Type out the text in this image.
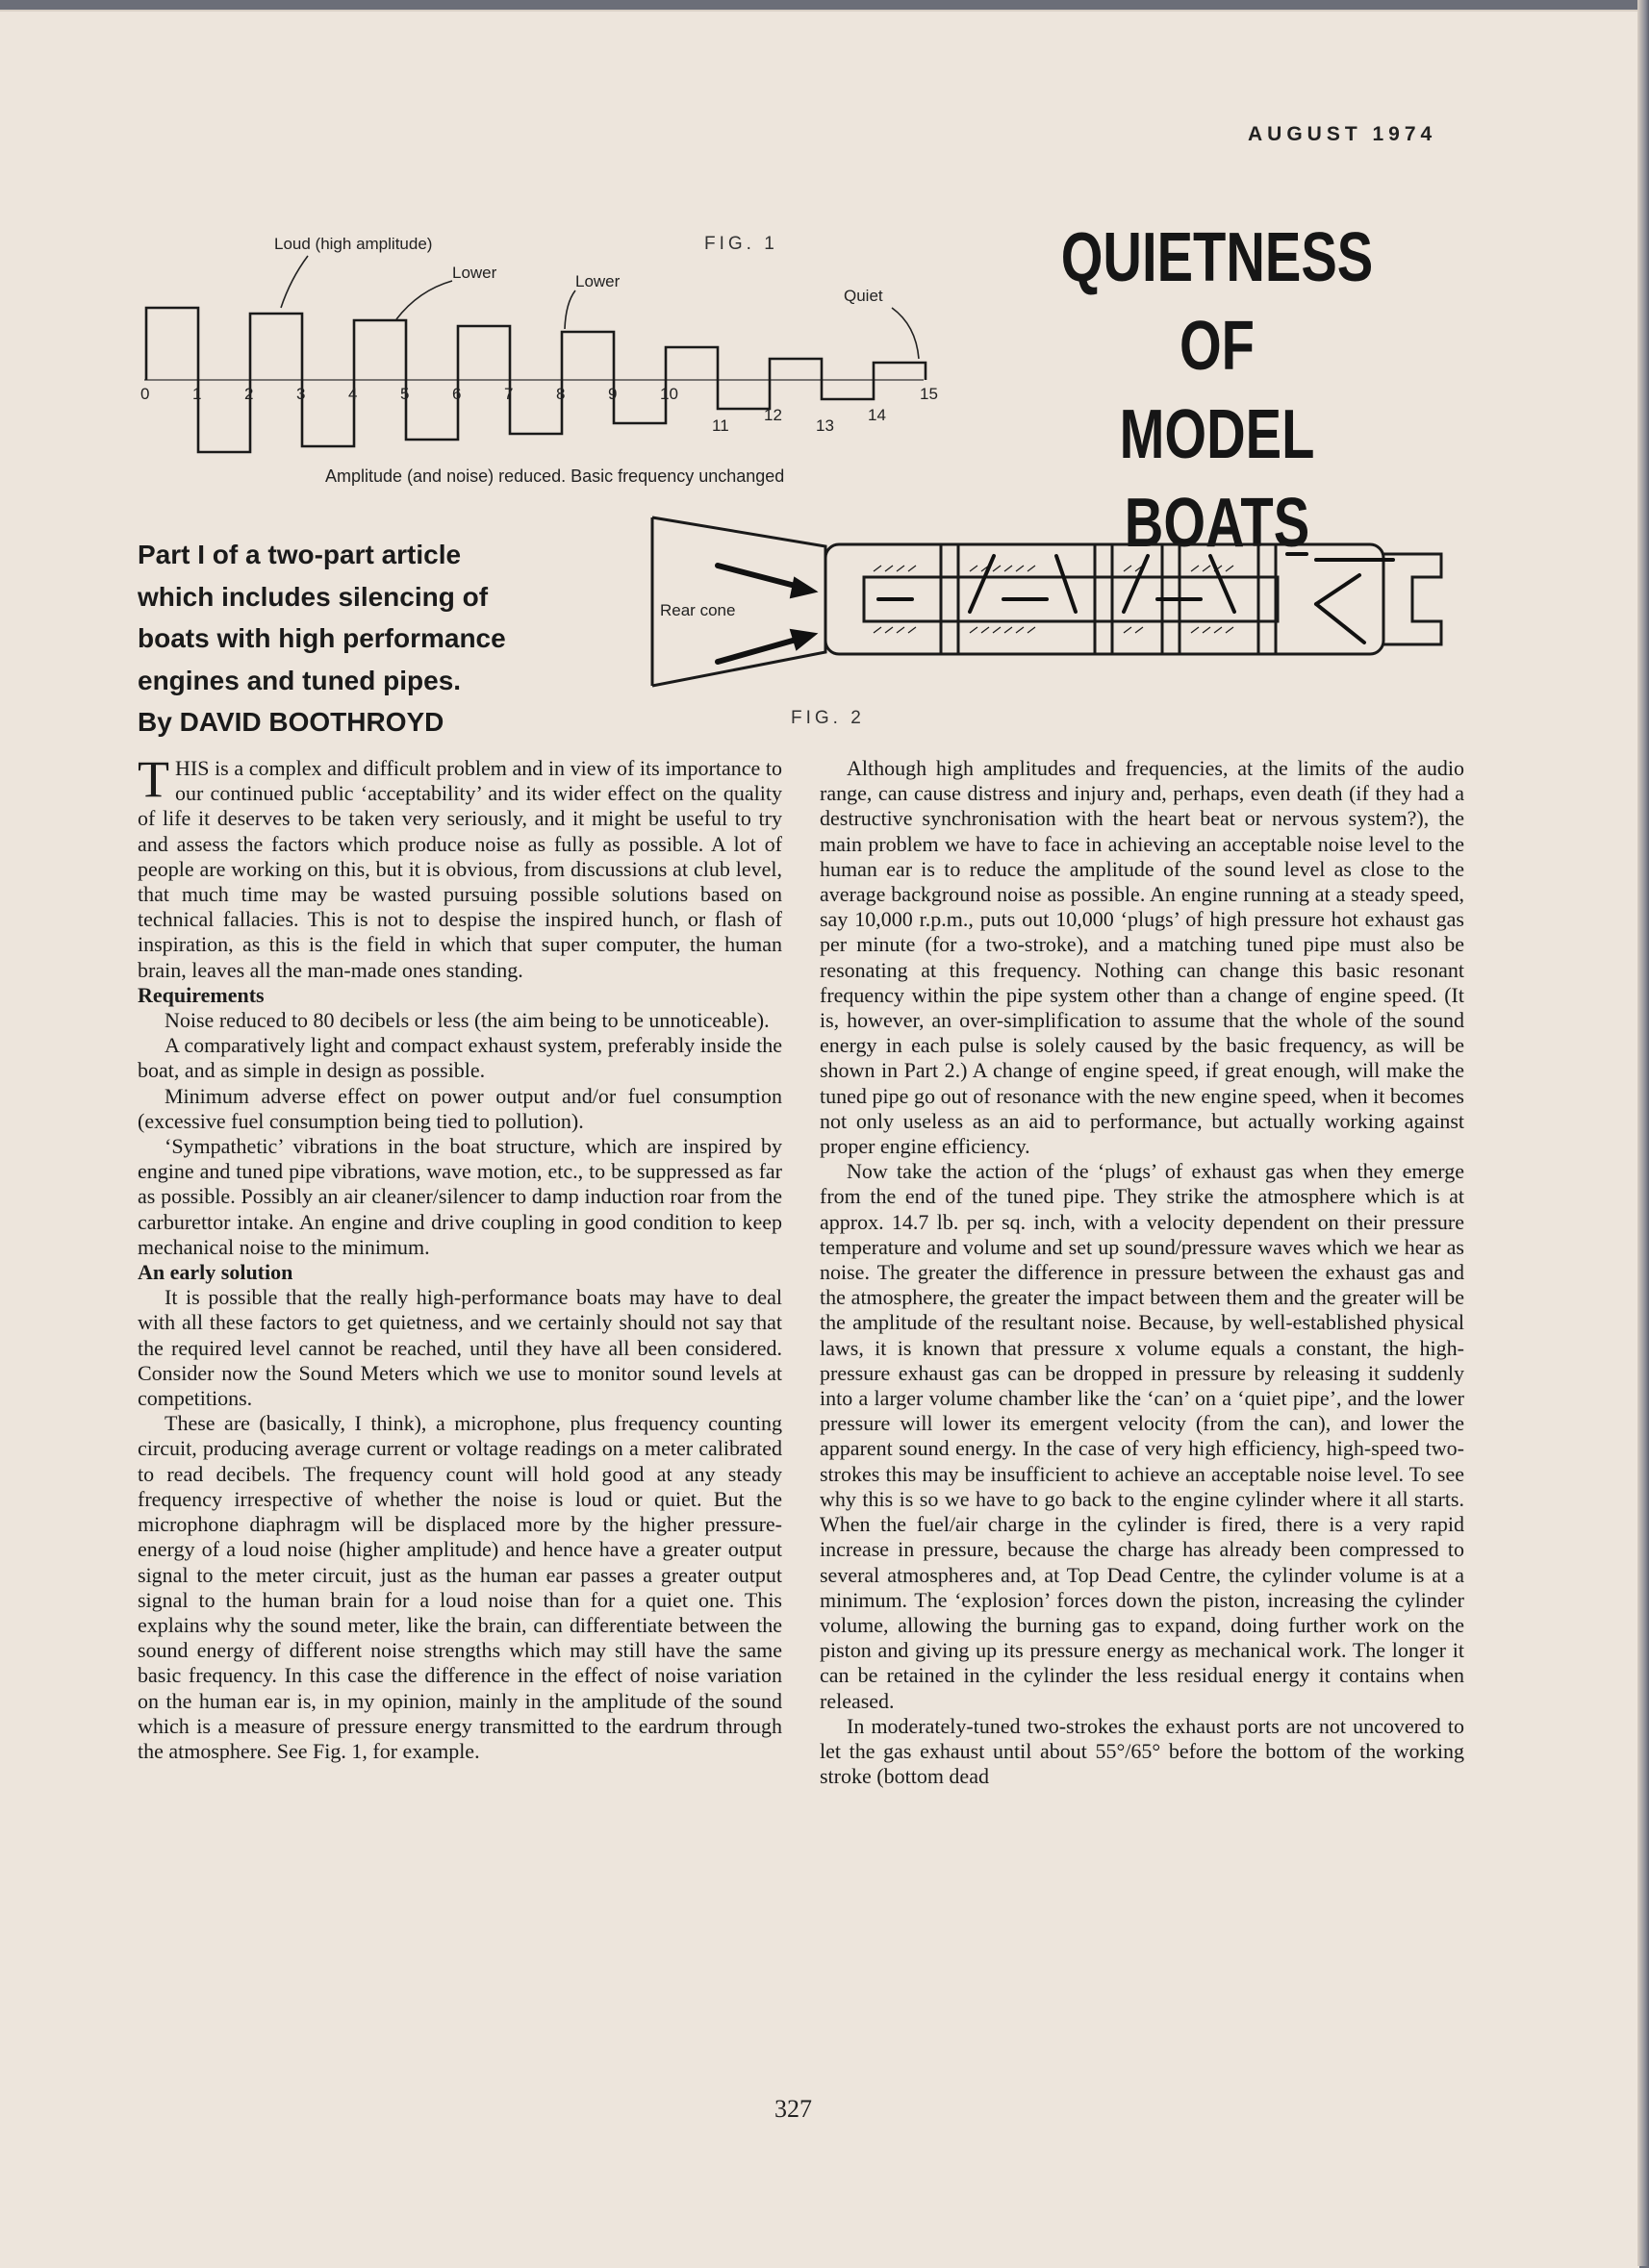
AUGUST 1974
QUIETNESS
OF
MODEL BOATS
FIG. 1
Loud (high amplitude)
Lower	Lower
Quiet
0	1	2	3	4	5	6	7	8	9	10
11
12
13
14
15
Amplitude (and noise) reduced. Basic frequency unchanged
Part I of a two-part article
which includes silencing of
boats with high performance
engines and tuned pipes.
By DAVID BOOTHROYD
Rear cone
FIG. 2

THIS is a complex and difficult problem and in view of its importance to our continued public ‘acceptability’ and its wider effect on the quality of life it deserves to be taken very seriously, and it might be useful to try and assess the factors which produce noise as fully as possible. A lot of people are working on this, but it is obvious, from discussions at club level, that much time may be wasted pursuing possible solutions based on technical fallacies. This is not to despise the inspired hunch, or flash of inspiration, as this is the field in which that super computer, the human brain, leaves all the man-made ones standing.

Requirements

Noise reduced to 80 decibels or less (the aim being to be unnoticeable).

A comparatively light and compact exhaust system, preferably inside the boat, and as simple in design as possible.

Minimum adverse effect on power output and/or fuel consumption (excessive fuel consumption being tied to pollution).

‘Sympathetic’ vibrations in the boat structure, which are inspired by engine and tuned pipe vibrations, wave motion, etc., to be suppressed as far as possible. Possibly an air cleaner/silencer to damp induction roar from the carburettor intake. An engine and drive coupling in good condition to keep mechanical noise to the minimum.

An early solution

It is possible that the really high-performance boats may have to deal with all these factors to get quietness, and we certainly should not say that the required level cannot be reached, until they have all been considered. Consider now the Sound Meters which we use to monitor sound levels at competitions.

These are (basically, I think), a microphone, plus frequency counting circuit, producing average current or voltage readings on a meter calibrated to read decibels. The frequency count will hold good at any steady frequency irrespective of whether the noise is loud or quiet. But the microphone diaphragm will be displaced more by the higher pressure-energy of a loud noise (higher amplitude) and hence have a greater output signal to the meter circuit, just as the human ear passes a greater output signal to the human brain for a loud noise than for a quiet one. This explains why the sound meter, like the brain, can differentiate between the sound energy of different noise strengths which may still have the same basic frequency. In this case the difference in the effect of noise variation on the human ear is, in my opinion, mainly in the amplitude of the sound which is a measure of pressure energy transmitted to the eardrum through the atmosphere. See Fig. 1, for example.

Although high amplitudes and frequencies, at the limits of the audio range, can cause distress and injury and, perhaps, even death (if they had a destructive synchronisation with the heart beat or nervous system?), the main problem we have to face in achieving an acceptable noise level to the human ear is to reduce the amplitude of the sound level as close to the average background noise as possible. An engine running at a steady speed, say 10,000 r.p.m., puts out 10,000 ‘plugs’ of high pressure hot exhaust gas per minute (for a two-stroke), and a matching tuned pipe must also be resonating at this frequency. Nothing can change this basic resonant frequency within the pipe system other than a change of engine speed. (It is, however, an over-simplification to assume that the whole of the sound energy in each pulse is solely caused by the basic frequency, as will be shown in Part 2.) A change of engine speed, if great enough, will make the tuned pipe go out of resonance with the new engine speed, when it becomes not only useless as an aid to performance, but actually working against proper engine efficiency.

Now take the action of the ‘plugs’ of exhaust gas when they emerge from the end of the tuned pipe. They strike the atmosphere which is at approx. 14.7 lb. per sq. inch, with a velocity dependent on their pressure temperature and volume and set up sound/pressure waves which we hear as noise. The greater the difference in pressure between the exhaust gas and the atmosphere, the greater the impact between them and the greater will be the amplitude of the resultant noise. Because, by well-established physical laws, it is known that pressure x volume equals a constant, the high-pressure exhaust gas can be dropped in pressure by releasing it suddenly into a larger volume chamber like the ‘can’ on a ‘quiet pipe’, and the lower pressure will lower its emergent velocity (from the can), and lower the apparent sound energy. In the case of very high efficiency, high-speed two-strokes this may be insufficient to achieve an acceptable noise level. To see why this is so we have to go back to the engine cylinder where it all starts. When the fuel/air charge in the cylinder is fired, there is a very rapid increase in pressure, because the charge has already been compressed to several atmospheres and, at Top Dead Centre, the cylinder volume is at a minimum. The ‘explosion’ forces down the piston, increasing the cylinder volume, allowing the burning gas to expand, doing further work on the piston and giving up its pressure energy as mechanical work. The longer it can be retained in the cylinder the less residual energy it contains when released.

In moderately-tuned two-strokes the exhaust ports are not uncovered to let the gas exhaust until about 55°/65° before the bottom of the working stroke (bottom dead

327
